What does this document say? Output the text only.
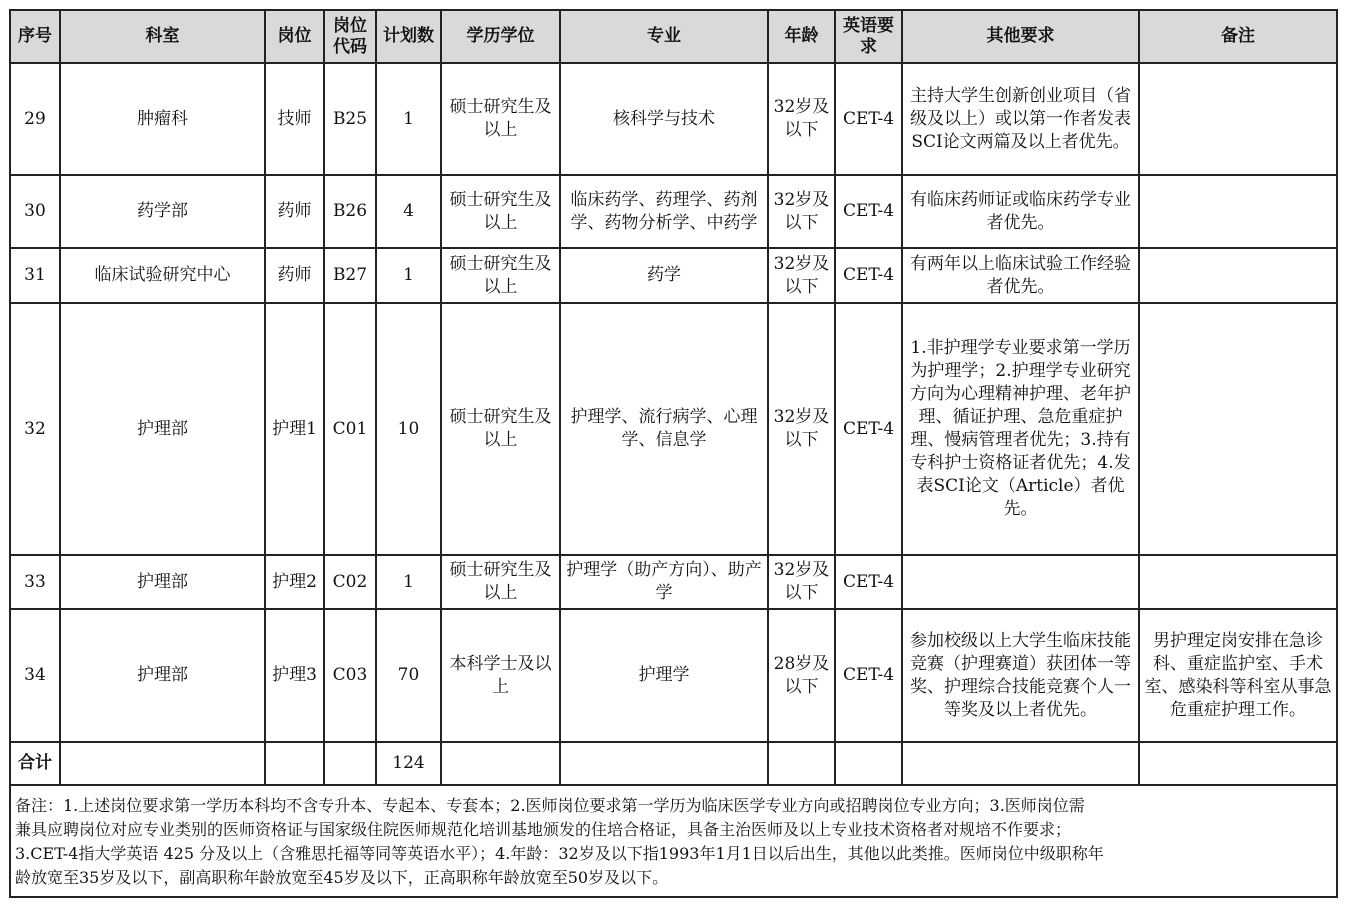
序号	科室	岗位	岗位代码	计划数	学历学位	专业	年龄	英语要求	其他要求	备注
29	肿瘤科	技师	B25	1	硕士研究生及以上	核科学与技术	32岁及以下	CET-4	主持大学生创新创业项目（省级及以上）或以第一作者发表SCI论文两篇及以上者优先。	
30	药学部	药师	B26	4	硕士研究生及以上	临床药学、药理学、药剂学、药物分析学、中药学	32岁及以下	CET-4	有临床药师证或临床药学专业者优先。	
31	临床试验研究中心	药师	B27	1	硕士研究生及以上	药学	32岁及以下	CET-4	有两年以上临床试验工作经验者优先。	
32	护理部	护理1	C01	10	硕士研究生及以上	护理学、流行病学、心理学、信息学	32岁及以下	CET-4	1.非护理学专业要求第一学历为护理学；2.护理学专业研究方向为心理精神护理、老年护理、循证护理、急危重症护理、慢病管理者优先；3.持有专科护士资格证者优先；4.发表SCI论文（Article）者优先。	
33	护理部	护理2	C02	1	硕士研究生及以上	护理学（助产方向）、助产学	32岁及以下	CET-4		
34	护理部	护理3	C03	70	本科学士及以上	护理学	28岁及以下	CET-4	参加校级以上大学生临床技能竞赛（护理赛道）获团体一等奖、护理综合技能竞赛个人一等奖及以上者优先。	男护理定岗安排在急诊科、重症监护室、手术室、感染科等科室从事急危重症护理工作。
合计				124						

备注：1.上述岗位要求第一学历本科均不含专升本、专起本、专套本；2.医师岗位要求第一学历为临床医学专业方向或招聘岗位专业方向；3.医师岗位需
兼具应聘岗位对应专业类别的医师资格证与国家级住院医师规范化培训基地颁发的住培合格证，具备主治医师及以上专业技术资格者对规培不作要求；
3.CET-4指大学英语 425 分及以上（含雅思托福等同等英语水平）；4.年龄：32岁及以下指1993年1月1日以后出生，其他以此类推。医师岗位中级职称年
龄放宽至35岁及以下，副高职称年龄放宽至45岁及以下，正高职称年龄放宽至50岁及以下。										
